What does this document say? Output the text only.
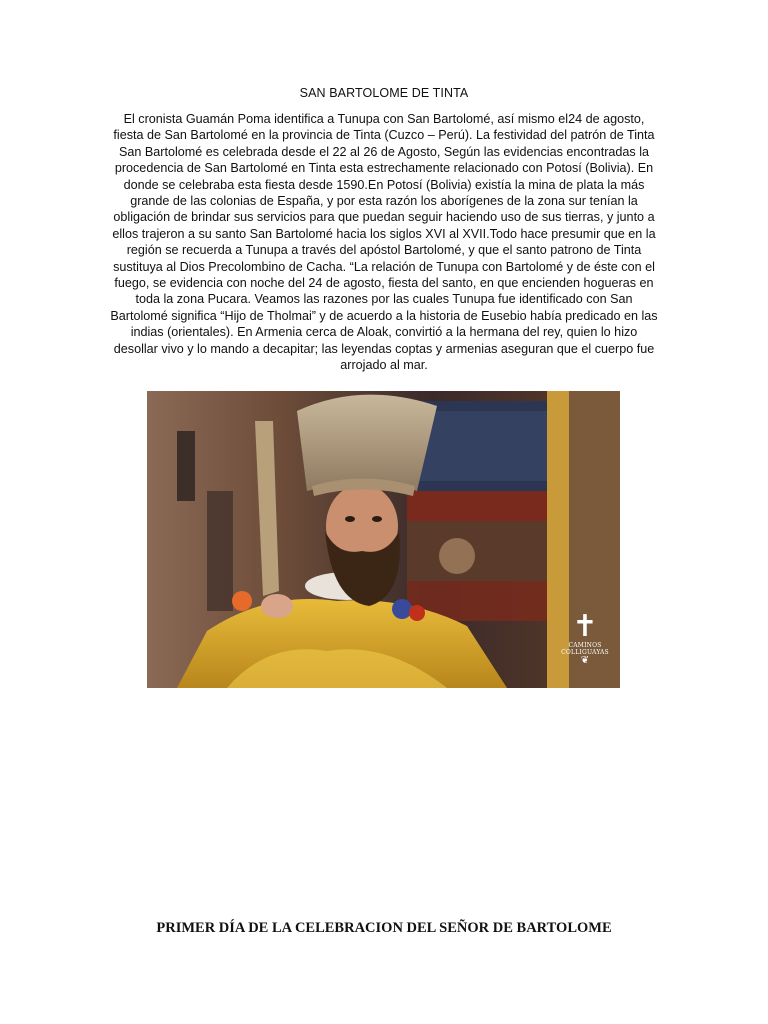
SAN BARTOLOME DE TINTA
El cronista Guamán Poma identifica a Tunupa con San Bartolomé, así mismo el24 de agosto, fiesta de San Bartolomé en la provincia de Tinta (Cuzco – Perú). La festividad del patrón de Tinta San Bartolomé es celebrada desde el 22 al 26 de Agosto, Según las evidencias encontradas la procedencia de San Bartolomé en Tinta esta estrechamente relacionado con Potosí (Bolivia). En donde se celebraba esta fiesta desde 1590.En Potosí (Bolivia) existía la mina de plata la más grande de las colonias de España, y por esta razón los aborígenes de la zona sur tenían la obligación de brindar sus servicios para que puedan seguir haciendo uso de sus tierras, y junto a ellos trajeron a su santo San Bartolomé hacia los siglos XVI al XVII.Todo hace presumir que en la región se recuerda a Tunupa a través del apóstol Bartolomé, y que el santo patrono de Tinta sustituya al Dios Precolombino de Cacha. “La relación de Tunupa con Bartolomé y de éste con el fuego, se evidencia con noche del 24 de agosto, fiesta del santo, en que encienden hogueras en toda la zona Pucara. Veamos las razones por las cuales Tunupa fue identificado con San Bartolomé significa “Hijo de Tholmai” y de acuerdo a la historia de Eusebio había predicado en las indias (orientales). En Armenia cerca de Aloak, convirtió a la hermana del rey, quien lo hizo desollar vivo y lo mando a decapitar; las leyendas coptas y armenias aseguran que el cuerpo fue arrojado al mar.
✝
CAMINOS COLLIGUAYAS
❦
PRIMER DÍA DE LA CELEBRACION DEL SEÑOR DE BARTOLOME
